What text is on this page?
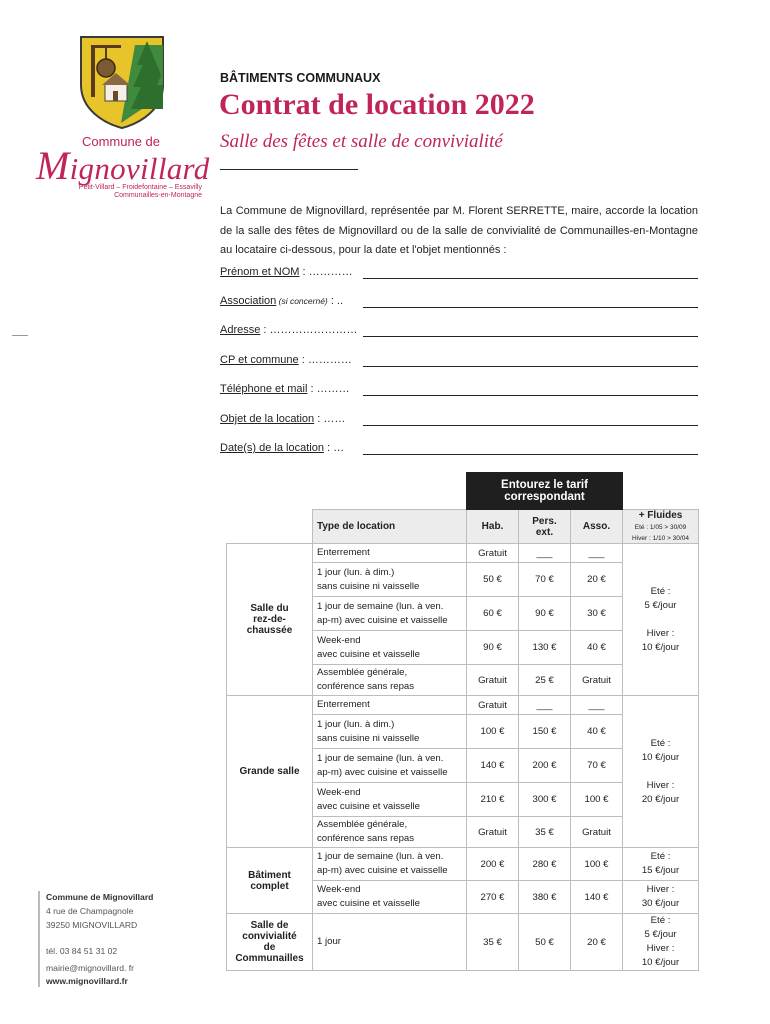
Commune de
Mignovillard
Petit-Villard – Froidefontaine – Essavilly
Communailles-en-Montagne
BÂTIMENTS COMMUNAUX
Contrat de location 2022
Salle des fêtes et salle de convivialité
La Commune de Mignovillard, représentée par M. Florent SERRETTE, maire, accorde la location de la salle des fêtes de Mignovillard ou de la salle de convivialité de Communailles-en-Montagne au locataire ci-dessous, pour la date et l'objet mentionnés :
Prénom et NOM : …………
Association (si concerné) : ..
Adresse : ……………………
CP et commune : …………
Téléphone et mail : ………
Objet de la location : ……
Date(s) de la location : …
		Entourez le tarif
correspondant			
	Type de location	Hab.	Pers.
ext.	Asso.	+ Fluides
Eté : 1/05 > 30/09
Hiver : 1/10 > 30/04
Salle du
rez-de-
chaussée	Enterrement	Gratuit	___	___	Eté :
5 €/jour

Hiver :
10 €/jour
	1 jour (lun. à dim.)
sans cuisine ni vaisselle	50 €	70 €	20 €	
	1 jour de semaine (lun. à ven.
ap-m) avec cuisine et vaisselle	60 €	90 €	30 €	
	Week-end
avec cuisine et vaisselle	90 €	130 €	40 €	
	Assemblée générale,
conférence sans repas	Gratuit	25 €	Gratuit	
Grande salle	Enterrement	Gratuit	___	___	Eté :
10 €/jour

Hiver :
20 €/jour
	1 jour (lun. à dim.)
sans cuisine ni vaisselle	100 €	150 €	40 €	
	1 jour de semaine (lun. à ven.
ap-m) avec cuisine et vaisselle	140 €	200 €	70 €	
	Week-end
avec cuisine et vaisselle	210 €	300 €	100 €	
	Assemblée générale,
conférence sans repas	Gratuit	35 €	Gratuit	
Bâtiment
complet	1 jour de semaine (lun. à ven.
ap-m) avec cuisine et vaisselle	200 €	280 €	100 €	Eté :
15 €/jour
	Week-end
avec cuisine et vaisselle	270 €	380 €	140 €	Hiver :
30 €/jour
Salle de
convivialité
de
Communailles	1 jour	35 €	50 €	20 €	Eté :
5 €/jour
Hiver :
10 €/jour
Commune de Mignovillard
4 rue de Champagnole
39250 MIGNOVILLARD
tél. 03 84 51 31 02
mairie@mignovillard. fr
www.mignovillard.fr
